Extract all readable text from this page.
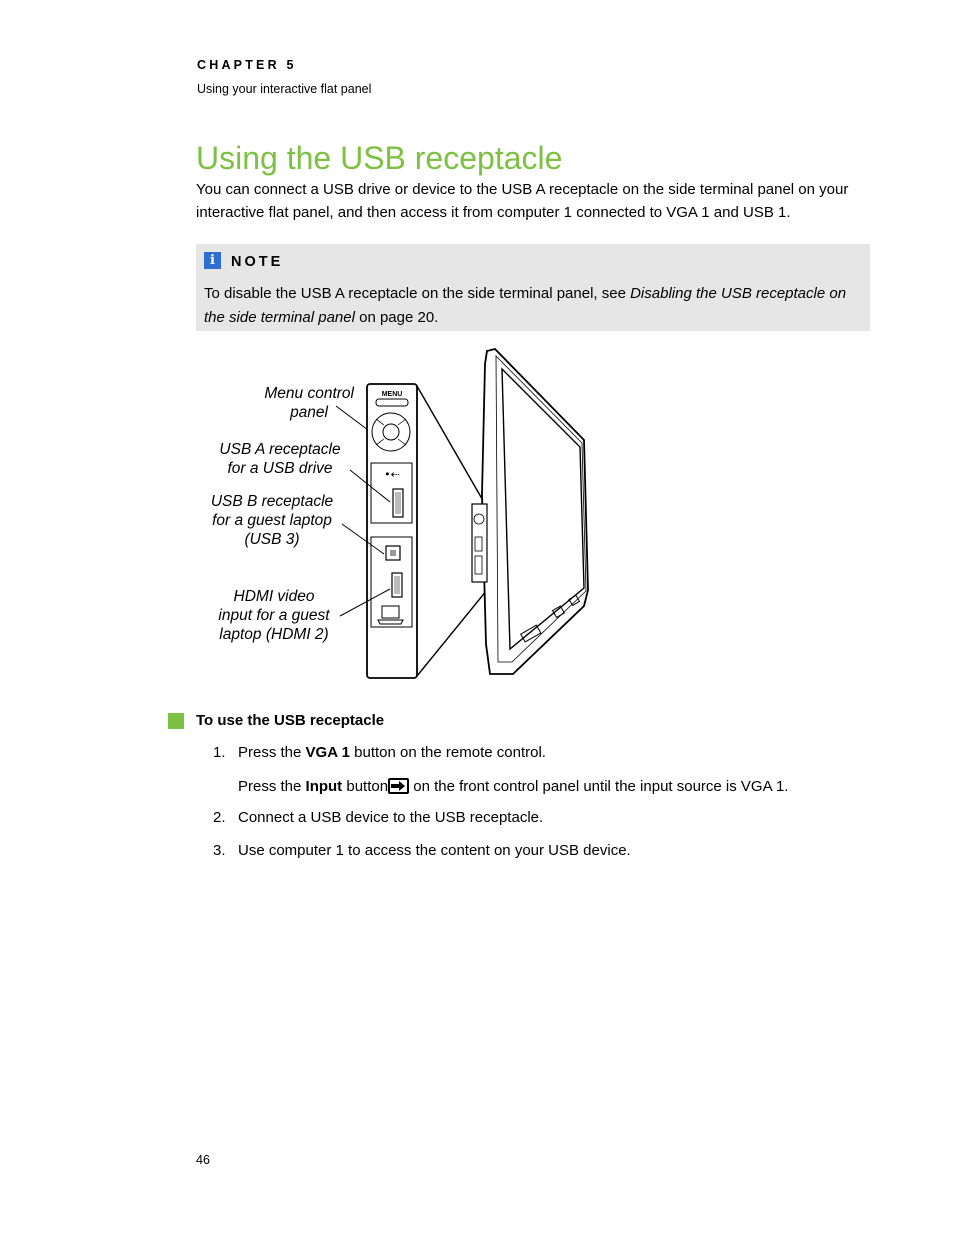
CHAPTER 5
Using your interactive flat panel
Using the USB receptacle
You can connect a USB drive or device to the USB A receptacle on the side terminal panel on your interactive flat panel, and then access it from computer 1 connected to VGA 1 and USB 1.
i	NOTE
To disable the USB A receptacle on the side terminal panel, see Disabling the USB receptacle on the side terminal panel on page 20.
MENU
•⇠
Menu control
panel
USB A receptacle
for a USB drive
USB B receptacle
for a guest laptop
(USB 3)
HDMI video
input for a guest
laptop (HDMI 2)
To use the USB receptacle
1. Press the VGA 1 button on the remote control.
Press the Input button
on the front control panel until the input source is VGA 1.
2. Connect a USB device to the USB receptacle.
3. Use computer 1 to access the content on your USB device.
46
